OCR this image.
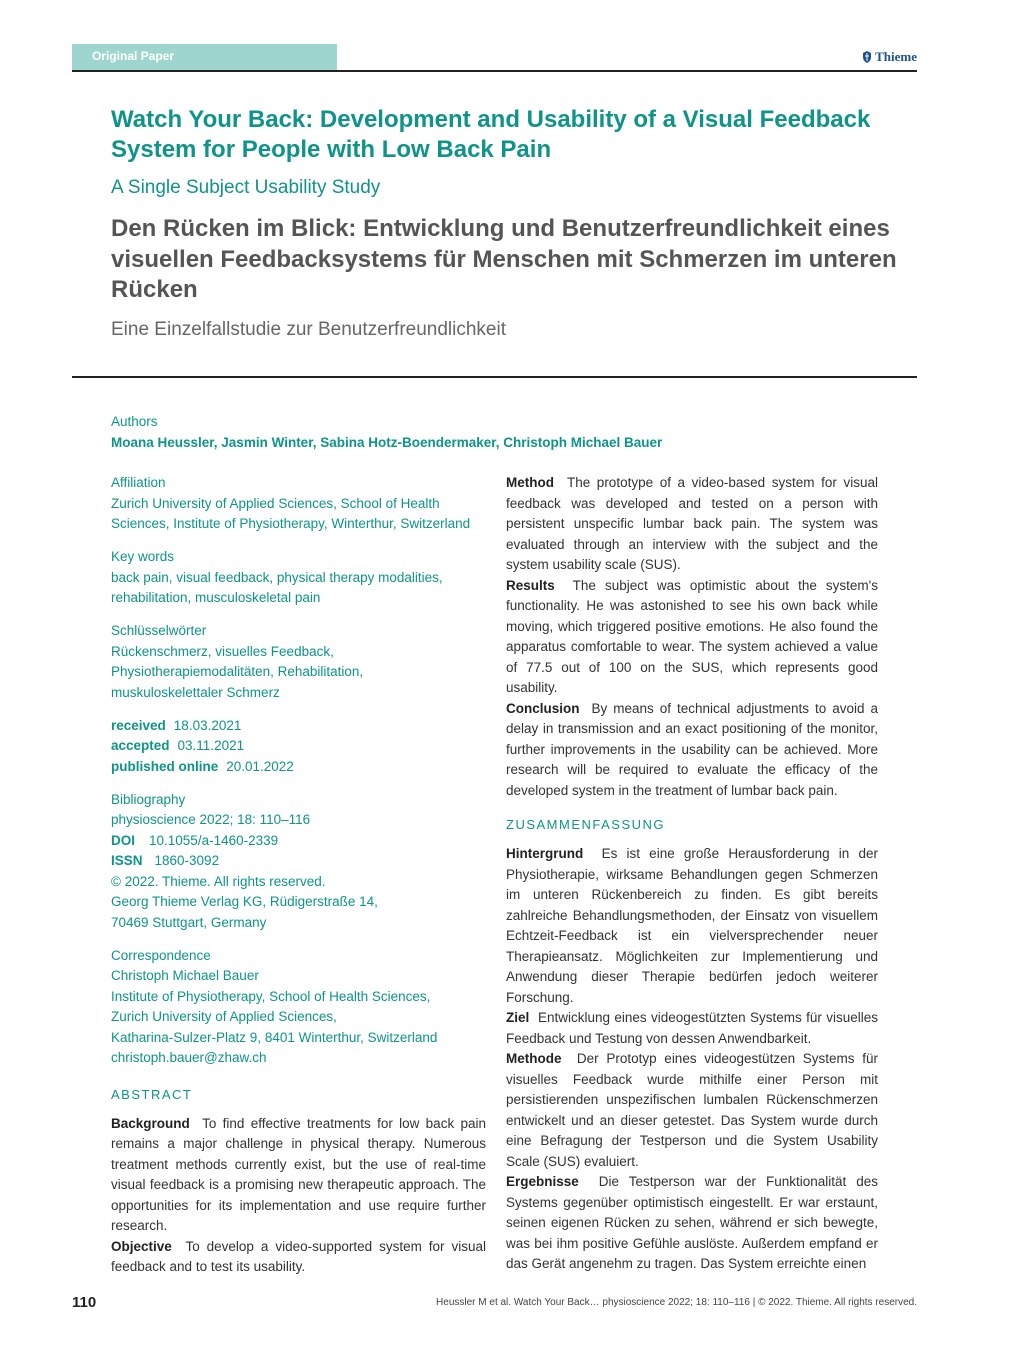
Original Paper	Thieme
Watch Your Back: Development and Usability of a Visual Feedback System for People with Low Back Pain
A Single Subject Usability Study
Den Rücken im Blick: Entwicklung und Benutzerfreundlichkeit eines visuellen Feedbacksystems für Menschen mit Schmerzen im unteren Rücken
Eine Einzelfallstudie zur Benutzerfreundlichkeit
Authors
Moana Heussler, Jasmin Winter, Sabina Hotz-Boendermaker, Christoph Michael Bauer
Affiliation
Zurich University of Applied Sciences, School of Health Sciences, Institute of Physiotherapy, Winterthur, Switzerland
Key words
back pain, visual feedback, physical therapy modalities, rehabilitation, musculoskeletal pain
Schlüsselwörter
Rückenschmerz, visuelles Feedback, Physiotherapiemodalitäten, Rehabilitation, muskuloskelettaler Schmerz
received 18.03.2021
accepted 03.11.2021
published online 20.01.2022
Bibliography
physioscience 2022; 18: 110–116
DOI 10.1055/a-1460-2339
ISSN 1860-3092
© 2022. Thieme. All rights reserved.
Georg Thieme Verlag KG, Rüdigerstraße 14,
70469 Stuttgart, Germany
Correspondence
Christoph Michael Bauer
Institute of Physiotherapy, School of Health Sciences,
Zurich University of Applied Sciences,
Katharina-Sulzer-Platz 9, 8401 Winterthur, Switzerland
christoph.bauer@zhaw.ch
ABSTRACT

Background To find effective treatments for low back pain remains a major challenge in physical therapy. Numerous treatment methods currently exist, but the use of real-time visual feedback is a promising new therapeutic approach. The opportunities for its implementation and use require further research.

Objective To develop a video-supported system for visual feedback and to test its usability.

Method The prototype of a video-based system for visual feedback was developed and tested on a person with persistent unspecific lumbar back pain. The system was evaluated through an interview with the subject and the system usability scale (SUS).

Results The subject was optimistic about the system's functionality. He was astonished to see his own back while moving, which triggered positive emotions. He also found the apparatus comfortable to wear. The system achieved a value of 77.5 out of 100 on the SUS, which represents good usability.

Conclusion By means of technical adjustments to avoid a delay in transmission and an exact positioning of the monitor, further improvements in the usability can be achieved. More research will be required to evaluate the efficacy of the developed system in the treatment of lumbar back pain.

ZUSAMMENFASSUNG

Hintergrund Es ist eine große Herausforderung in der Physiotherapie, wirksame Behandlungen gegen Schmerzen im unteren Rückenbereich zu finden. Es gibt bereits zahlreiche Behandlungsmethoden, der Einsatz von visuellem Echtzeit-Feedback ist ein vielversprechender neuer Therapieansatz. Möglichkeiten zur Implementierung und Anwendung dieser Therapie bedürfen jedoch weiterer Forschung.

Ziel Entwicklung eines videogestützten Systems für visuelles Feedback und Testung von dessen Anwendbarkeit.

Methode Der Prototyp eines videogestützen Systems für visuelles Feedback wurde mithilfe einer Person mit persistierenden unspezifischen lumbalen Rückenschmerzen entwickelt und an dieser getestet. Das System wurde durch eine Befragung der Testperson und die System Usability Scale (SUS) evaluiert.

Ergebnisse Die Testperson war der Funktionalität des Systems gegenüber optimistisch eingestellt. Er war erstaunt, seinen eigenen Rücken zu sehen, während er sich bewegte, was bei ihm positive Gefühle auslöste. Außerdem empfand er das Gerät angenehm zu tragen. Das System erreichte einen

110	Heussler M et al. Watch Your Back… physioscience 2022; 18: 110–116 | © 2022. Thieme. All rights reserved.
